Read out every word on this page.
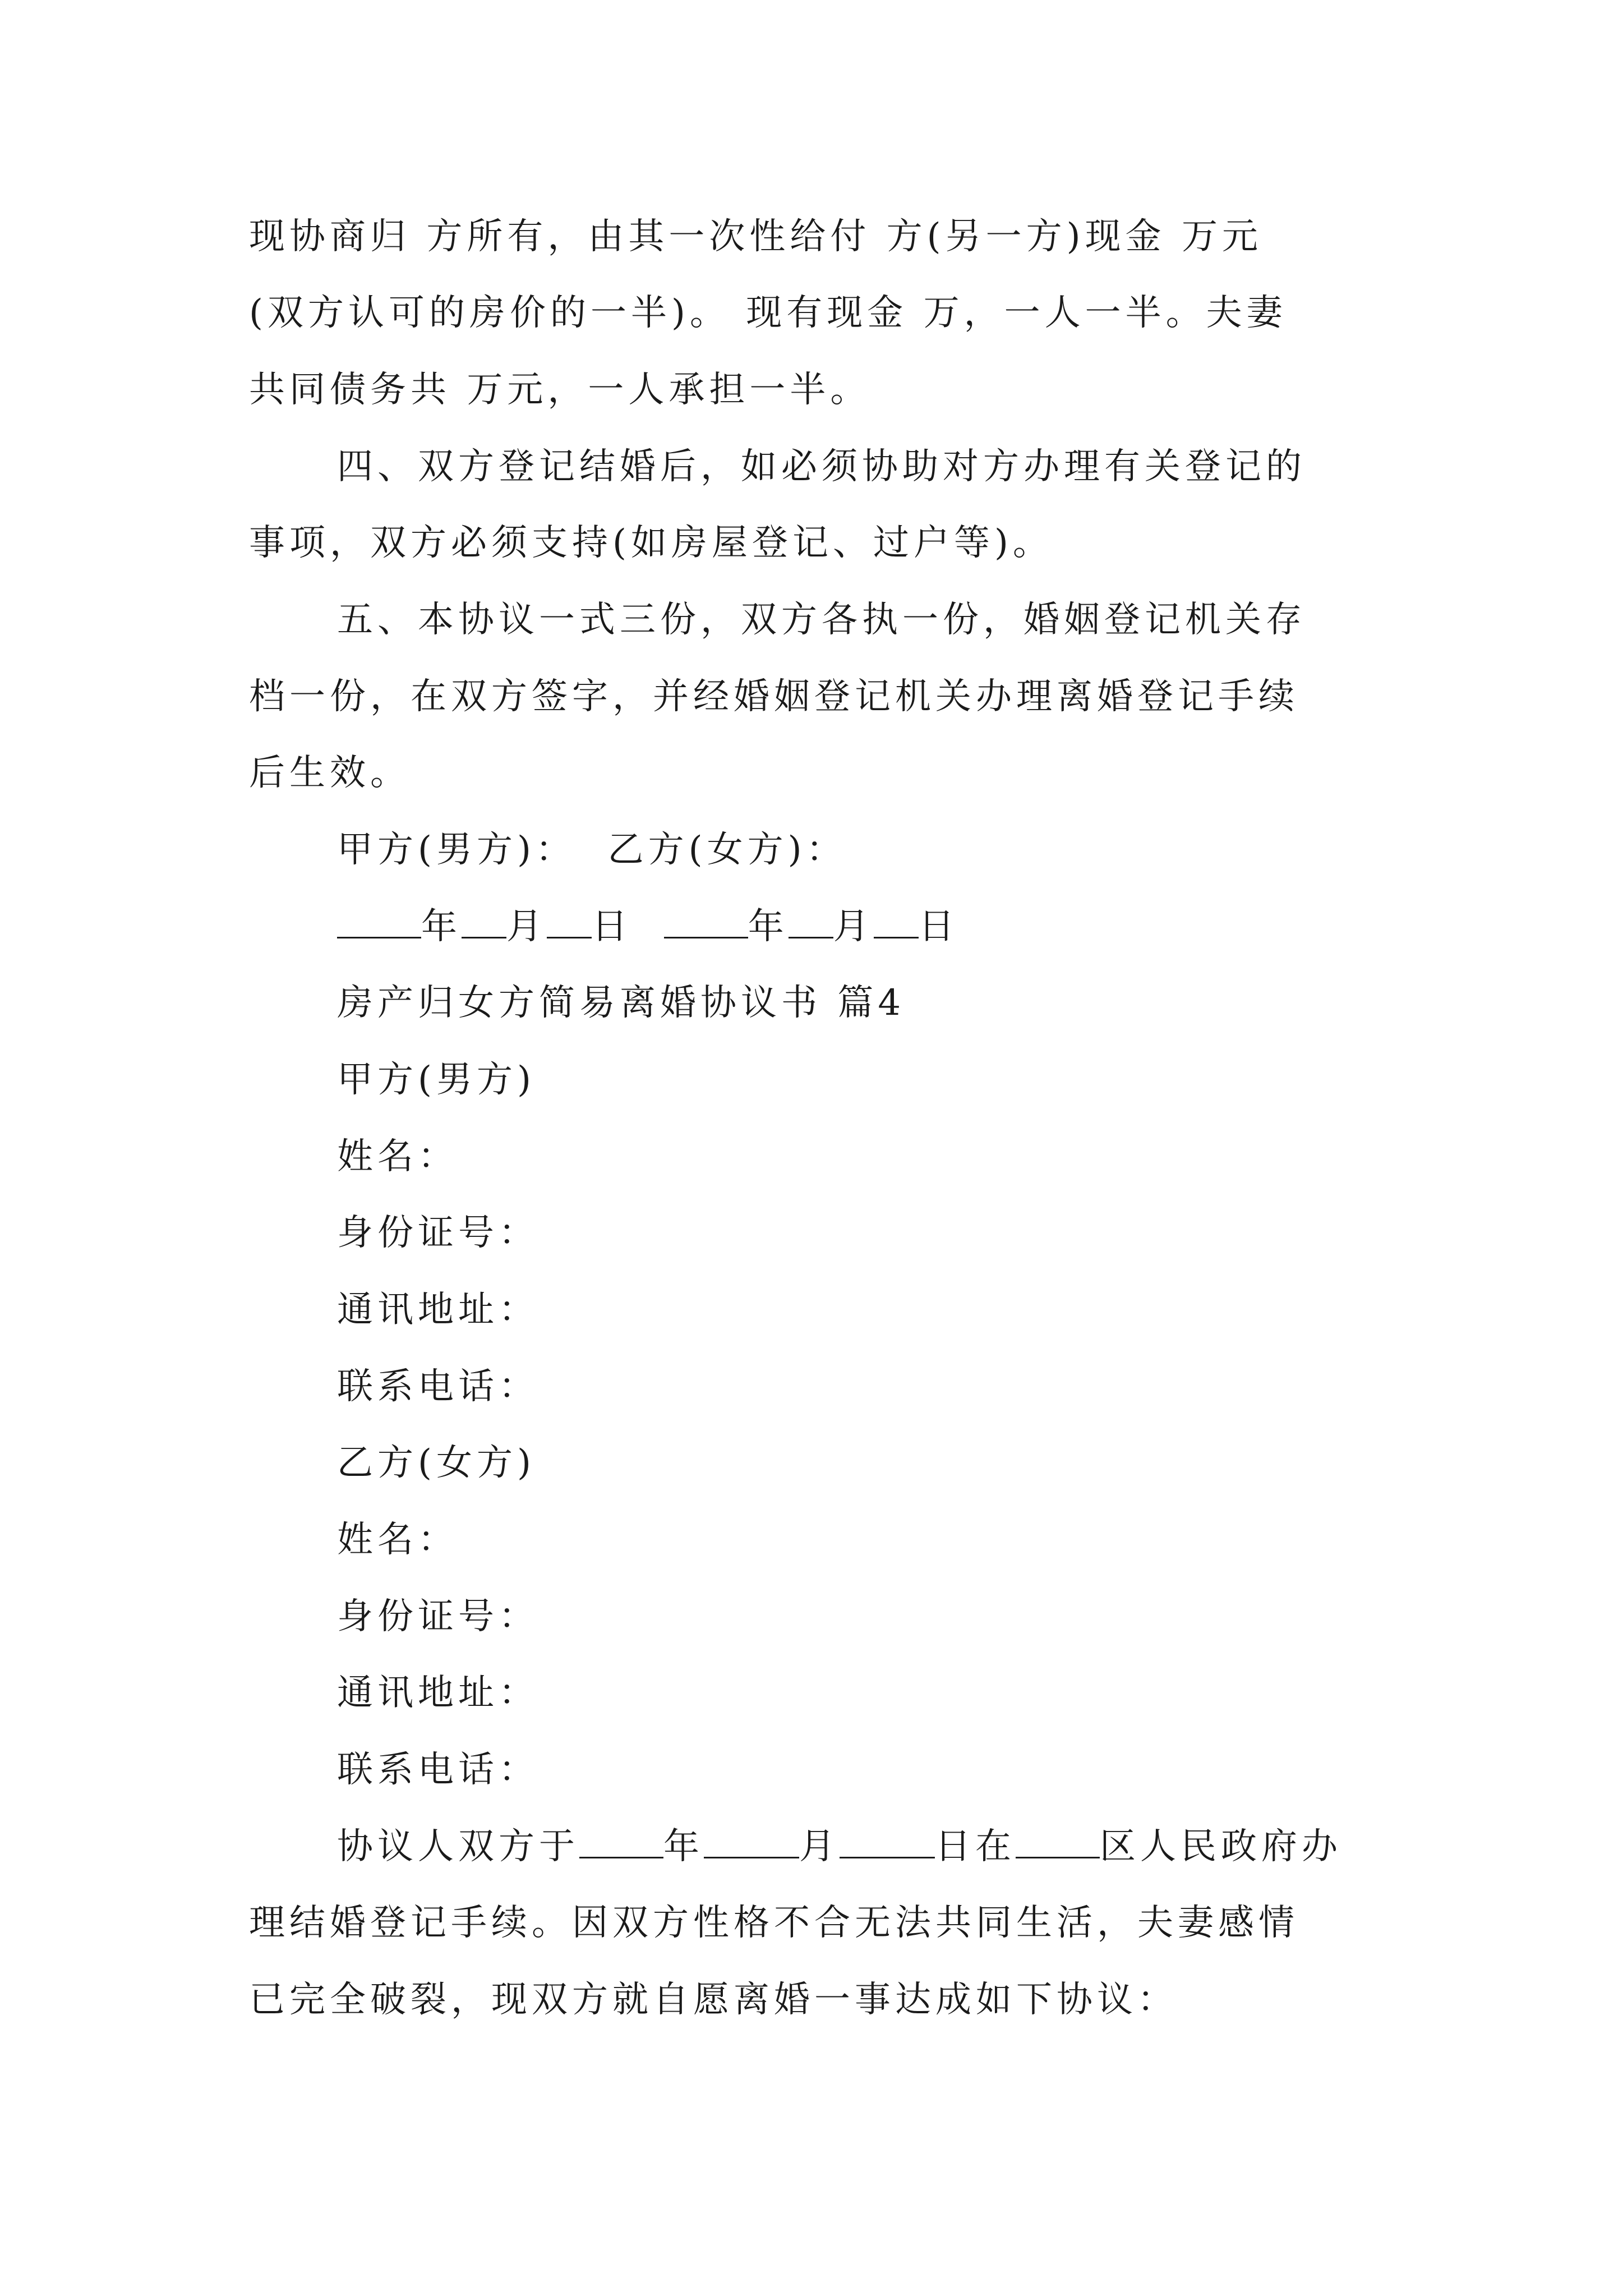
现协商归 方所有，由其一次性给付 方(另一方)现金 万元
(双方认可的房价的一半)。 现有现金 万，一人一半。夫妻
共同债务共 万元，一人承担一半。
四、双方登记结婚后，如必须协助对方办理有关登记的
事项，双方必须支持(如房屋登记、过户等)。
五、本协议一式三份，双方各执一份，婚姻登记机关存
档一份，在双方签字，并经婚姻登记机关办理离婚登记手续
后生效。
甲方(男方)：  乙方(女方)：
年 月 日	年 月 日
房产归女方简易离婚协议书 篇4
甲方(男方)
姓名：
身份证号：
通讯地址：
联系电话：
乙方(女方)
姓名：
身份证号：
通讯地址：
联系电话：
协议人双方于 年	月	日在 区人民政府办
理结婚登记手续。因双方性格不合无法共同生活，夫妻感情
已完全破裂，现双方就自愿离婚一事达成如下协议：
